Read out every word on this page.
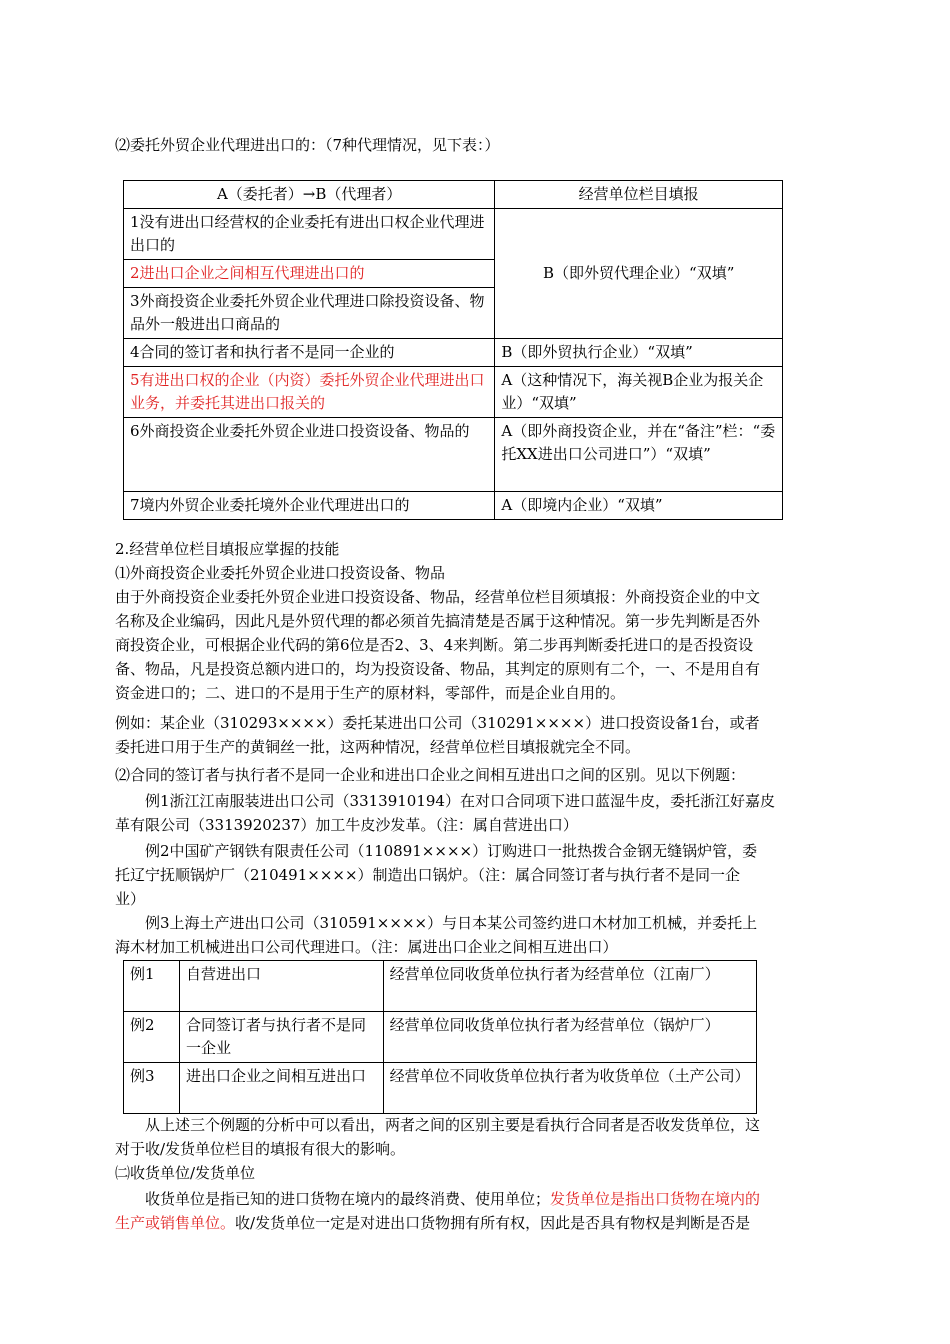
⑵委托外贸企业代理进出口的：（7种代理情况，见下表：）
A（委托者）→B（代理者）	经营单位栏目填报
1没有进出口经营权的企业委托有进出口权企业代理进出口的	B（即外贸代理企业）“双填”
2进出口企业之间相互代理进出口的	
3外商投资企业委托外贸企业代理进口除投资设备、物品外一般进出口商品的	
4合同的签订者和执行者不是同一企业的	B（即外贸执行企业）“双填”
5有进出口权的企业（内资）委托外贸企业代理进出口业务，并委托其进出口报关的	A（这种情况下，海关视B企业为报关企业）“双填”
6外商投资企业委托外贸企业进口投资设备、物品的	A（即外商投资企业，并在“备注”栏：“委托XX进出口公司进口”）“双填”
7境内外贸企业委托境外企业代理进出口的	A（即境内企业）“双填”
2.经营单位栏目填报应掌握的技能
⑴外商投资企业委托外贸企业进口投资设备、物品
由于外商投资企业委托外贸企业进口投资设备、物品，经营单位栏目须填报：外商投资企业的中文
名称及企业编码，因此凡是外贸代理的都必须首先搞清楚是否属于这种情况。第一步先判断是否外
商投资企业，可根据企业代码的第6位是否2、3、4来判断。第二步再判断委托进口的是否投资设
备、物品，凡是投资总额内进口的，均为投资设备、物品，其判定的原则有二个，一、不是用自有
资金进口的；二、进口的不是用于生产的原材料，零部件，而是企业自用的。
例如：某企业（310293××××）委托某进出口公司（310291××××）进口投资设备1台，或者
委托进口用于生产的黄铜丝一批，这两种情况，经营单位栏目填报就完全不同。
⑵合同的签订者与执行者不是同一企业和进出口企业之间相互进出口之间的区别。见以下例题：
例1浙江江南服装进出口公司（3313910194）在对口合同项下进口蓝湿牛皮，委托浙江好嘉皮
革有限公司（3313920237）加工牛皮沙发革。（注：属自营进出口）
例2中国矿产钢铁有限责任公司（110891××××）订购进口一批热拨合金钢无缝锅炉管，委
托辽宁抚顺锅炉厂（210491××××）制造出口锅炉。（注：属合同签订者与执行者不是同一企
业）
例3上海土产进出口公司（310591××××）与日本某公司签约进口木材加工机械，并委托上
海木材加工机械进出口公司代理进口。（注：属进出口企业之间相互进出口）
例1	自营进出口	经营单位同收货单位执行者为经营单位（江南厂）
例2	合同签订者与执行者不是同一企业	经营单位同收货单位执行者为经营单位（锅炉厂）
例3	进出口企业之间相互进出口	经营单位不同收货单位执行者为收货单位（土产公司）
从上述三个例题的分析中可以看出，两者之间的区别主要是看执行合同者是否收发货单位，这
对于收/发货单位栏目的填报有很大的影响。
㈡收货单位/发货单位
收货单位是指已知的进口货物在境内的最终消费、使用单位；发货单位是指出口货物在境内的
生产或销售单位。收/发货单位一定是对进出口货物拥有所有权，因此是否具有物权是判断是否是
